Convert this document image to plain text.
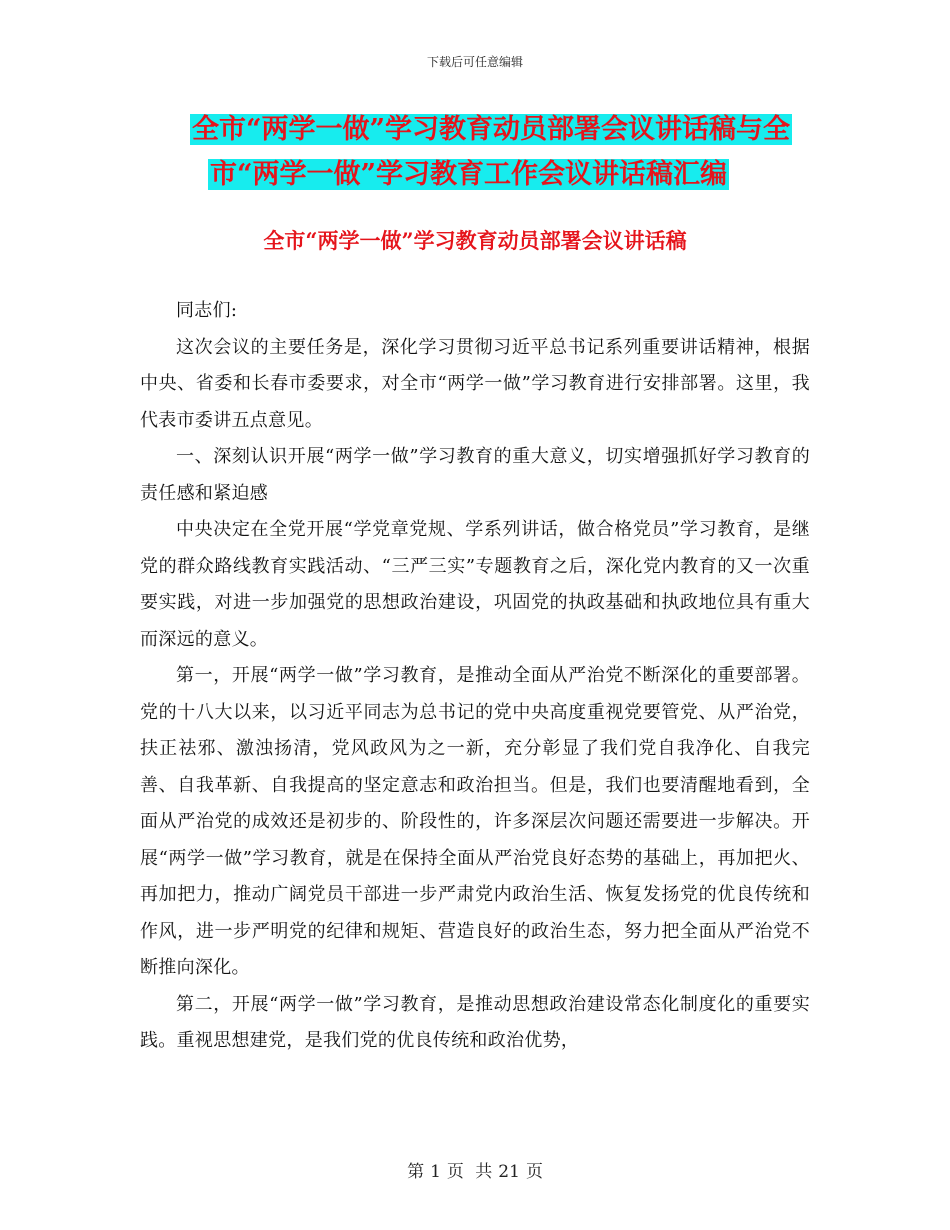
下载后可任意编辑
全市“两学一做”学习教育动员部署会议讲话稿与全
市“两学一做”学习教育工作会议讲话稿汇编
全市“两学一做”学习教育动员部署会议讲话稿

同志们:

这次会议的主要任务是，深化学习贯彻习近平总书记系列重要讲话精神，根据中央、省委和长春市委要求，对全市“两学一做”学习教育进行安排部署。这里，我代表市委讲五点意见。

一、深刻认识开展“两学一做”学习教育的重大意义，切实增强抓好学习教育的责任感和紧迫感

中央决定在全党开展“学党章党规、学系列讲话，做合格党员”学习教育，是继党的群众路线教育实践活动、“三严三实”专题教育之后，深化党内教育的又一次重要实践，对进一步加强党的思想政治建设，巩固党的执政基础和执政地位具有重大而深远的意义。

第一，开展“两学一做”学习教育，是推动全面从严治党不断深化的重要部署。党的十八大以来，以习近平同志为总书记的党中央高度重视党要管党、从严治党，扶正祛邪、激浊扬清，党风政风为之一新，充分彰显了我们党自我净化、自我完善、自我革新、自我提高的坚定意志和政治担当。但是，我们也要清醒地看到，全面从严治党的成效还是初步的、阶段性的，许多深层次问题还需要进一步解决。开展“两学一做”学习教育，就是在保持全面从严治党良好态势的基础上，再加把火、再加把力，推动广阔党员干部进一步严肃党内政治生活、恢复发扬党的优良传统和作风，进一步严明党的纪律和规矩、营造良好的政治生态，努力把全面从严治党不断推向深化。

第二，开展“两学一做”学习教育，是推动思想政治建设常态化制度化的重要实践。重视思想建党，是我们党的优良传统和政治优势，

第 1 页 共 21 页
